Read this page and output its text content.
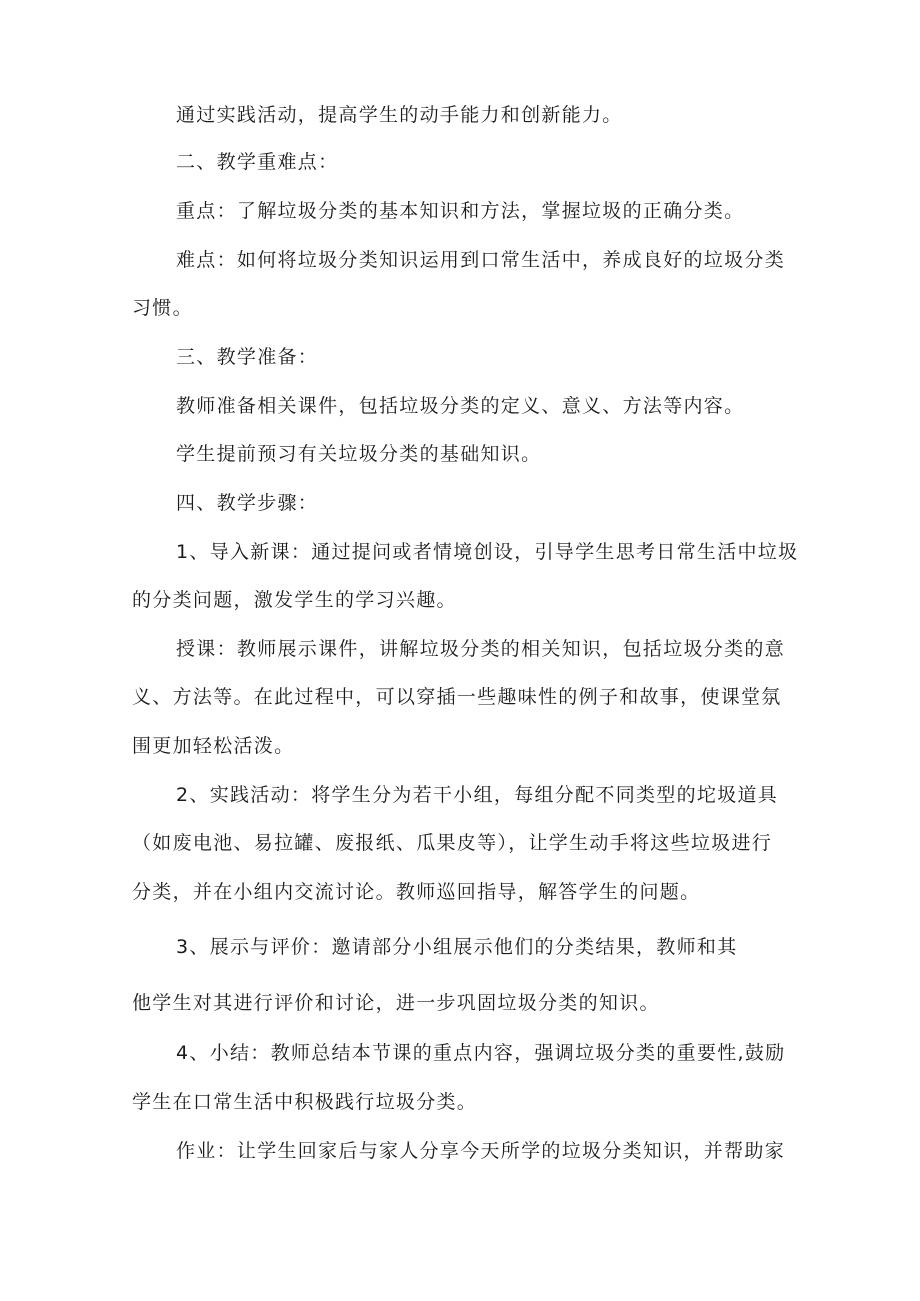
通过实践活动，提高学生的动手能力和创新能力。
二、教学重难点：
重点：了解垃圾分类的基本知识和方法，掌握垃圾的正确分类。
难点：如何将垃圾分类知识运用到口常生活中，养成良好的垃圾分类
习惯。
三、教学准备：
教师准备相关课件，包括垃圾分类的定义、意义、方法等内容。
学生提前预习有关垃圾分类的基础知识。
四、教学步骤：
1、导入新课：通过提问或者情境创设，引导学生思考日常生活中垃圾
的分类问题，激发学生的学习兴趣。
授课：教师展示课件，讲解垃圾分类的相关知识，包括垃圾分类的意
义、方法等。在此过程中，可以穿插一些趣味性的例子和故事，使课堂氛
围更加轻松活泼。
2、实践活动：将学生分为若干小组，每组分配不同类型的坨圾道具
（如废电池、易拉罐、废报纸、瓜果皮等），让学生动手将这些垃圾进行
分类，并在小组内交流讨论。教师巡回指导，解答学生的问题。
3、展示与评价：邀请部分小组展示他们的分类结果，教师和其
他学生对其进行评价和讨论，进一步巩固垃圾分类的知识。
4、小结：教师总结本节课的重点内容，强调垃圾分类的重要性,鼓励
学生在口常生活中积极践行垃圾分类。
作业：让学生回家后与家人分享今天所学的垃圾分类知识，并帮助家
